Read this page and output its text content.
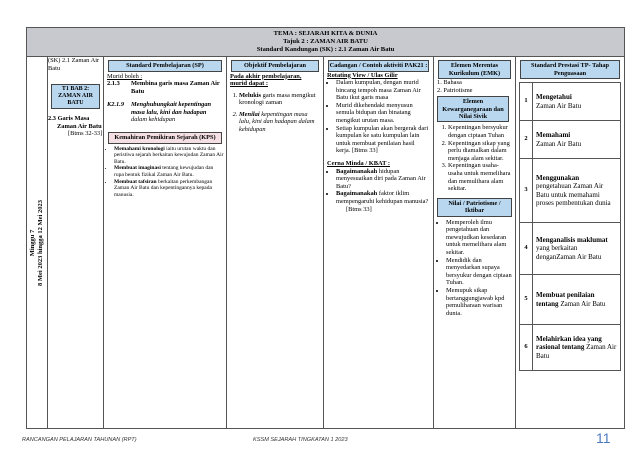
TEMA : SEJARAH KITA & DUNIA
Tajuk 2 : ZAMAN AIR BATU
Standard Kandungan (SK) : 2.1 Zaman Air Batu

Minggu 7 8 Mei 2023 hingga 12 Mei 2023

(SK) 2.1 Zaman Air Batu
T1 BAB 2: ZAMAN AIR BATU
2.3 Garis Masa
Zaman Air Batu
[Btms 32-33]

Standard Pembelajaran (SP)
Murid boleh :
2.1.3	Membina garis masa Zaman Air Batu
K2.1.9	Menghubungkait kepentingan masa lalu, kini dan hadapan dalam kehidupan
Kemahiran Pemikiran Sejarah (KPS)
• Memahami kronologi iaitu urutan waktu dan peristiwa sejarah berkaitan kewujudan Zaman Air Batu.
• Membuat imaginasi tentang kewujudan dan rupa bentuk fizikal Zaman Air Batu.
• Membuat tafsiran berkaitan perkembangan Zaman Air Batu dan kepentingannya kepada manusia.

Objektif Pembelajaran
Pada akhir pembelajaran, murid dapat :
1. Melukis garis masa mengikut kronologi zaman
2. Menilai kepentingan masa lalu, kini dan hadapan dalam kehidupan

Cadangan / Contoh aktiviti PAK21 :
Rotating View / Ulas Gilir
• Dalam kumpulan, dengan murid bincang tempoh masa Zaman Air Batu ikut garis masa
• Murid dikehendaki menyusun semula bidupan dan binatang mengikut urutan masa.
• Setiap kumpulan akan bergerak dari kumpulan ke satu kumpulan lain untuk membuat penilaian hasil kerja. [Btms 33]
Cerna Minda / KBAT :
• Bagaimanakah hidupan menyesuaikan diri pada Zaman Air Batu?
• Bagaimanakah faktor iklim mempengaruhi kehidupan manusia? [Btms 33]

Elemen Merentas Kurikulum (EMK)
1. Bahasa
2. Patriotisme
Elemen Kewarganegaraan dan Nilai Sivik
1. Kepentingan bersyukur dengan ciptaan Tuhan
2. Kepentingan sikap yang perlu diamalkan dalam menjaga alam sekitar.
3. Kepentingan usaha-usaha untuk memelihara dan memulihara alam sekitar.
Nilai / Patriotisme / Iktibar
• Memperoleh ilmu pengetahuan dan mewujudkan kesedaran untuk memelihara alam sekitar.
• Mendidik dan menyedarkan supaya bersyukur dengan ciptaan Tuhan.
• Memupuk sikap bertanggungjawab kpd pemuliharaan warisan dunia.

Standard Prestasi TP- Tahap Penguasaan
1	Mengetahui
Zaman Air Batu

2	Memahami
Zaman Air Batu

3	
Menggunakan
pengetahuan Zaman Air Batu untuk memahami proses pembentukan dunia

4	Menganalisis maklumat yang berkaitan denganZaman Air Batu
5	Membuat penilaian tentang Zaman Air Batu
6	Melahirkan idea yang rasional tentang Zaman Air Batu
RANCANGAN PELAJARAN TAHUNAN (RPT)	KSSM SEJARAH TINGKATAN 1 2023	11
